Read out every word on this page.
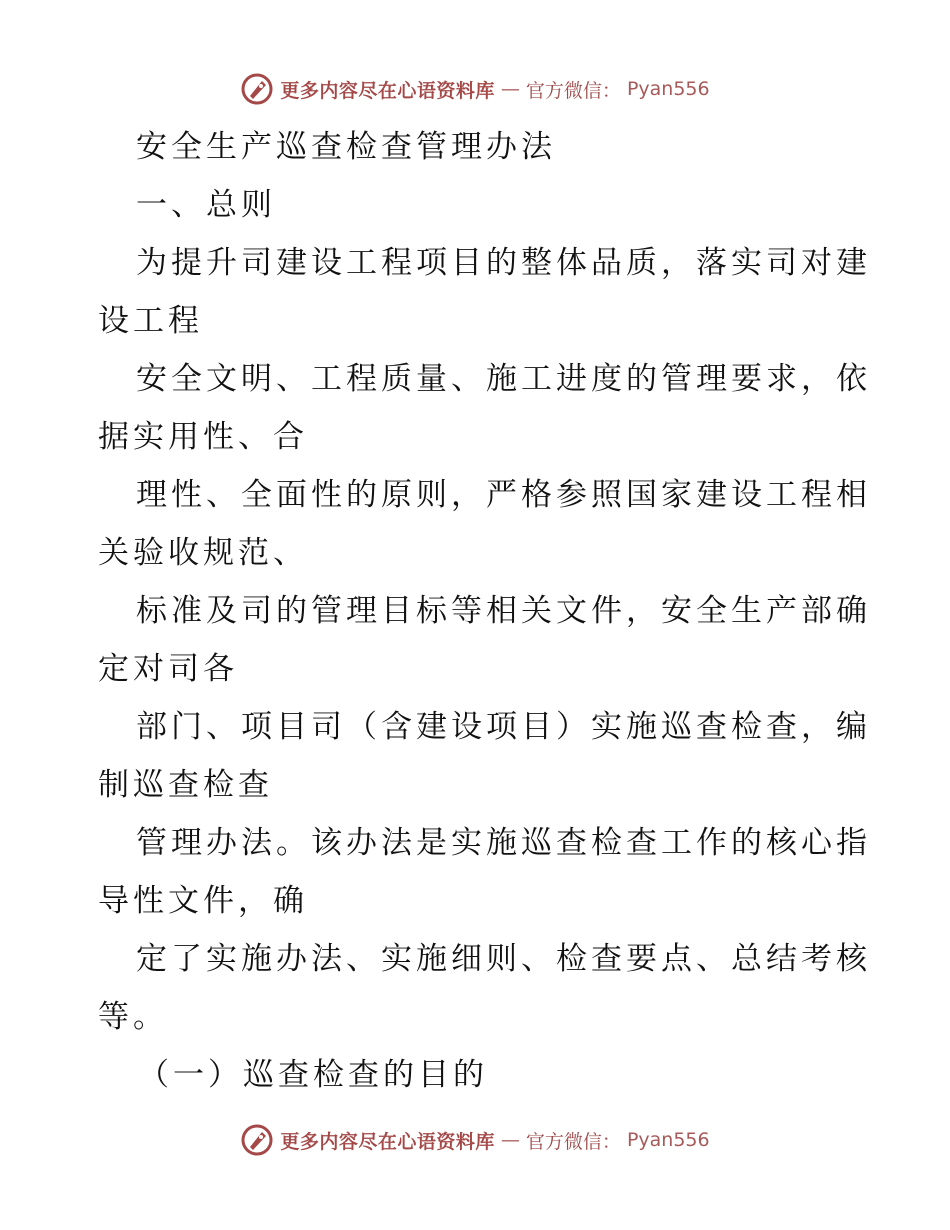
更多内容尽在心语资料库 — 官方微信： Pyan556
安全生产巡查检查管理办法
一、总则
为提升司建设工程项目的整体品质，落实司对建
设工程
安全文明、工程质量、施工进度的管理要求，依
据实用性、合
理性、全面性的原则，严格参照国家建设工程相
关验收规范、
标准及司的管理目标等相关文件，安全生产部确
定对司各
部门、项目司（含建设项目）实施巡查检查，编
制巡查检查
管理办法。该办法是实施巡查检查工作的核心指
导性文件，确
定了实施办法、实施细则、检查要点、总结考核
等。
（一）巡查检查的目的
更多内容尽在心语资料库 — 官方微信： Pyan556
